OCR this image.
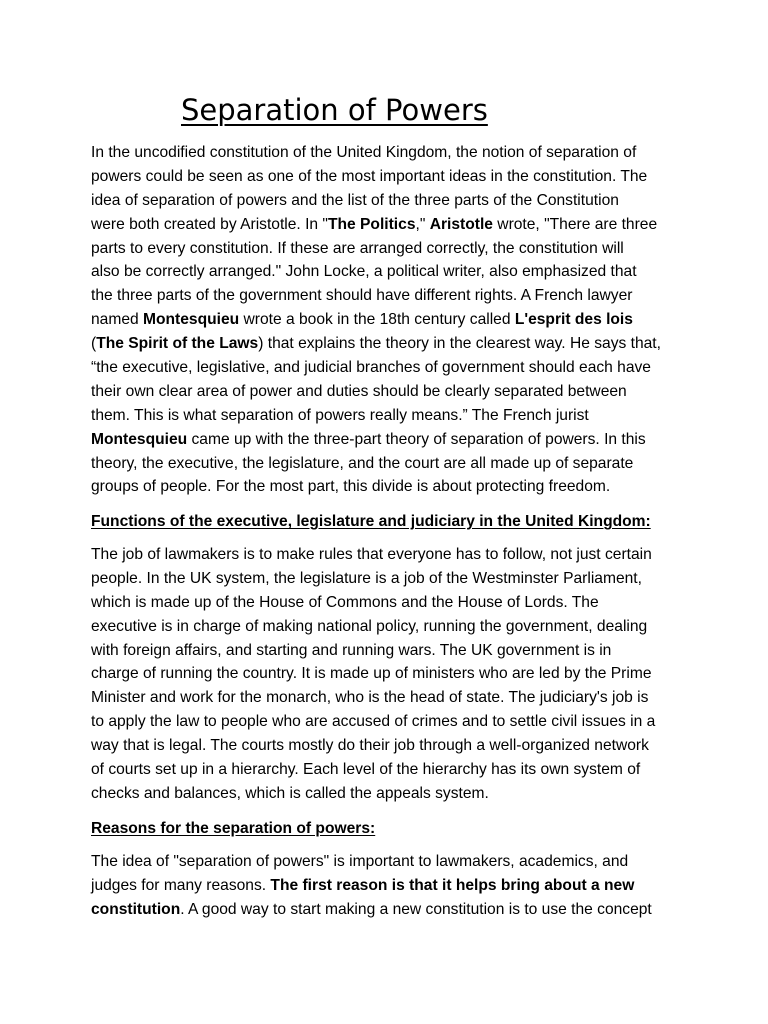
Separation of Powers
In the uncodified constitution of the United Kingdom, the notion of separation of
powers could be seen as one of the most important ideas in the constitution. The
idea of separation of powers and the list of the three parts of the Constitution
were both created by Aristotle. In "The Politics," Aristotle wrote, "There are three
parts to every constitution. If these are arranged correctly, the constitution will
also be correctly arranged." John Locke, a political writer, also emphasized that
the three parts of the government should have different rights. A French lawyer
named Montesquieu wrote a book in the 18th century called L'esprit des lois
(The Spirit of the Laws) that explains the theory in the clearest way. He says that,
“the executive, legislative, and judicial branches of government should each have
their own clear area of power and duties should be clearly separated between
them. This is what separation of powers really means.” The French jurist
Montesquieu came up with the three-part theory of separation of powers. In this
theory, the executive, the legislature, and the court are all made up of separate
groups of people. For the most part, this divide is about protecting freedom.
Functions of the executive, legislature and judiciary in the United Kingdom:
The job of lawmakers is to make rules that everyone has to follow, not just certain
people. In the UK system, the legislature is a job of the Westminster Parliament,
which is made up of the House of Commons and the House of Lords. The
executive is in charge of making national policy, running the government, dealing
with foreign affairs, and starting and running wars. The UK government is in
charge of running the country. It is made up of ministers who are led by the Prime
Minister and work for the monarch, who is the head of state. The judiciary's job is
to apply the law to people who are accused of crimes and to settle civil issues in a
way that is legal. The courts mostly do their job through a well-organized network
of courts set up in a hierarchy. Each level of the hierarchy has its own system of
checks and balances, which is called the appeals system.
Reasons for the separation of powers:
The idea of "separation of powers" is important to lawmakers, academics, and
judges for many reasons. The first reason is that it helps bring about a new
constitution. A good way to start making a new constitution is to use the concept
